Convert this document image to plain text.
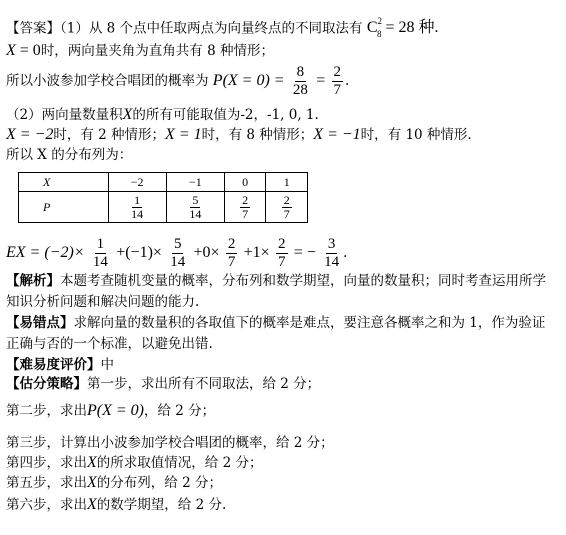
【答案】（1）从 8 个点中任取两点为向量终点的不同取法有 $C^2_8 = 28$ 种.
X = 0时，两向量夹角为直角共有 8 种情形；
所以小波参加学校合唱团的概率为 $P(X = 0) = \frac{8}{28} = \frac{2}{7}$ .
（2）两向量数量积X的所有可能取值为-2，-1, 0, 1.
X = −2时，有 2 种情形；X = 1时，有 8 种情形；X = −1时，有 10 种情形.
所以 X 的分布列为：
X	−2	−1	0	1
P	$\frac{1}{14}$	$\frac{5}{14}$	$\frac{2}{7}$	$\frac{2}{7}$
EX = $(-2)\times \frac{1}{14} +(-1)\times \frac{5}{14} +0\times \frac{2}{7} +1\times \frac{2}{7}$ = − $\frac{3}{14}$ .
【解析】本题考查随机变量的概率，分布列和数学期望，向量的数量积；同时考查运用所学
知识分析问题和解决问题的能力.
【易错点】求解向量的数量积的各取值下的概率是难点，要注意各概率之和为 1，作为验证
正确与否的一个标准，以避免出错.
【难易度评价】中
【估分策略】第一步，求出所有不同取法，给 2 分；
第二步，求出P(X = 0)，给 2 分；
第三步，计算出小波参加学校合唱团的概率，给 2 分；
第四步，求出X的所求取值情况，给 2 分；
第五步，求出X的分布列，给 2 分；
第六步，求出X的数学期望，给 2 分.
